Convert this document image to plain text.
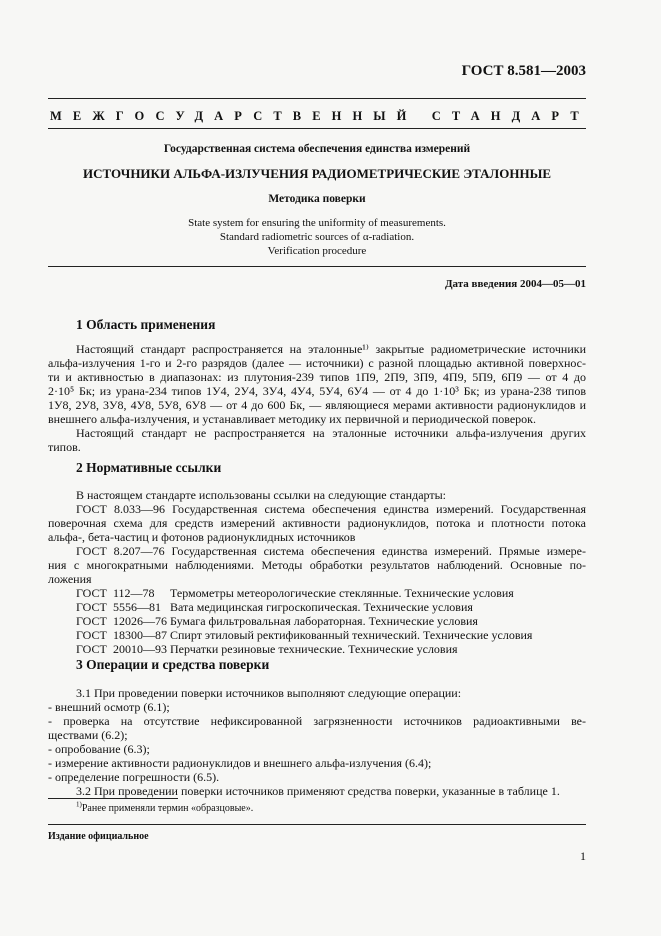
ГОСТ 8.581—2003
МЕЖГОСУДАРСТВЕННЫЙ СТАНДАРТ
Государственная система обеспечения единства измерений
ИСТОЧНИКИ АЛЬФА-ИЗЛУЧЕНИЯ РАДИОМЕТРИЧЕСКИЕ ЭТАЛОННЫЕ
Методика поверки
State system for ensuring the uniformity of measurements.
Standard radiometric sources of α-radiation.
Verification procedure
Дата введения 2004—05—01
1 Область применения
Настоящий стандарт распространяется на эталонные¹⁾ закрытые радиометрические источники
альфа-излучения 1-го и 2-го разрядов (далее — источники) с разной площадью активной поверхнос-
ти и активностью в диапазонах: из плутония-239 типов 1П9, 2П9, 3П9, 4П9, 5П9, 6П9 — от 4 до
2·10⁵ Бк; из урана-234 типов 1У4, 2У4, 3У4, 4У4, 5У4, 6У4 — от 4 до 1·10³ Бк; из урана-238 типов
1У8, 2У8, 3У8, 4У8, 5У8, 6У8 — от 4 до 600 Бк, — являющиеся мерами активности радионуклидов и
внешнего альфа-излучения, и устанавливает методику их первичной и периодической поверок.
Настоящий стандарт не распространяется на эталонные источники альфа-излучения других
типов.
2 Нормативные ссылки
В настоящем стандарте использованы ссылки на следующие стандарты:
ГОСТ 8.033—96 Государственная система обеспечения единства измерений. Государственная
поверочная схема для средств измерений активности радионуклидов, потока и плотности потока
альфа-, бета-частиц и фотонов радионуклидных источников
ГОСТ 8.207—76 Государственная система обеспечения единства измерений. Прямые измере-
ния с многократными наблюдениями. Методы обработки результатов наблюдений. Основные по-
ложения
ГОСТ 112—78 Термометры метеорологические стеклянные. Технические условия
ГОСТ 5556—81 Вата медицинская гигроскопическая. Технические условия
ГОСТ 12026—76 Бумага фильтровальная лабораторная. Технические условия
ГОСТ 18300—87 Спирт этиловый ректификованный технический. Технические условия
ГОСТ 20010—93 Перчатки резиновые технические. Технические условия
3 Операции и средства поверки
3.1 При проведении поверки источников выполняют следующие операции:
- внешний осмотр (6.1);
- проверка на отсутствие нефиксированной загрязненности источников радиоактивными ве-
ществами (6.2);
- опробование (6.3);
- измерение активности радионуклидов и внешнего альфа-излучения (6.4);
- определение погрешности (6.5).
3.2 При проведении поверки источников применяют средства поверки, указанные в таблице 1.
$^{1)}$Ранее применяли термин «образцовые».
Издание официальное
1
